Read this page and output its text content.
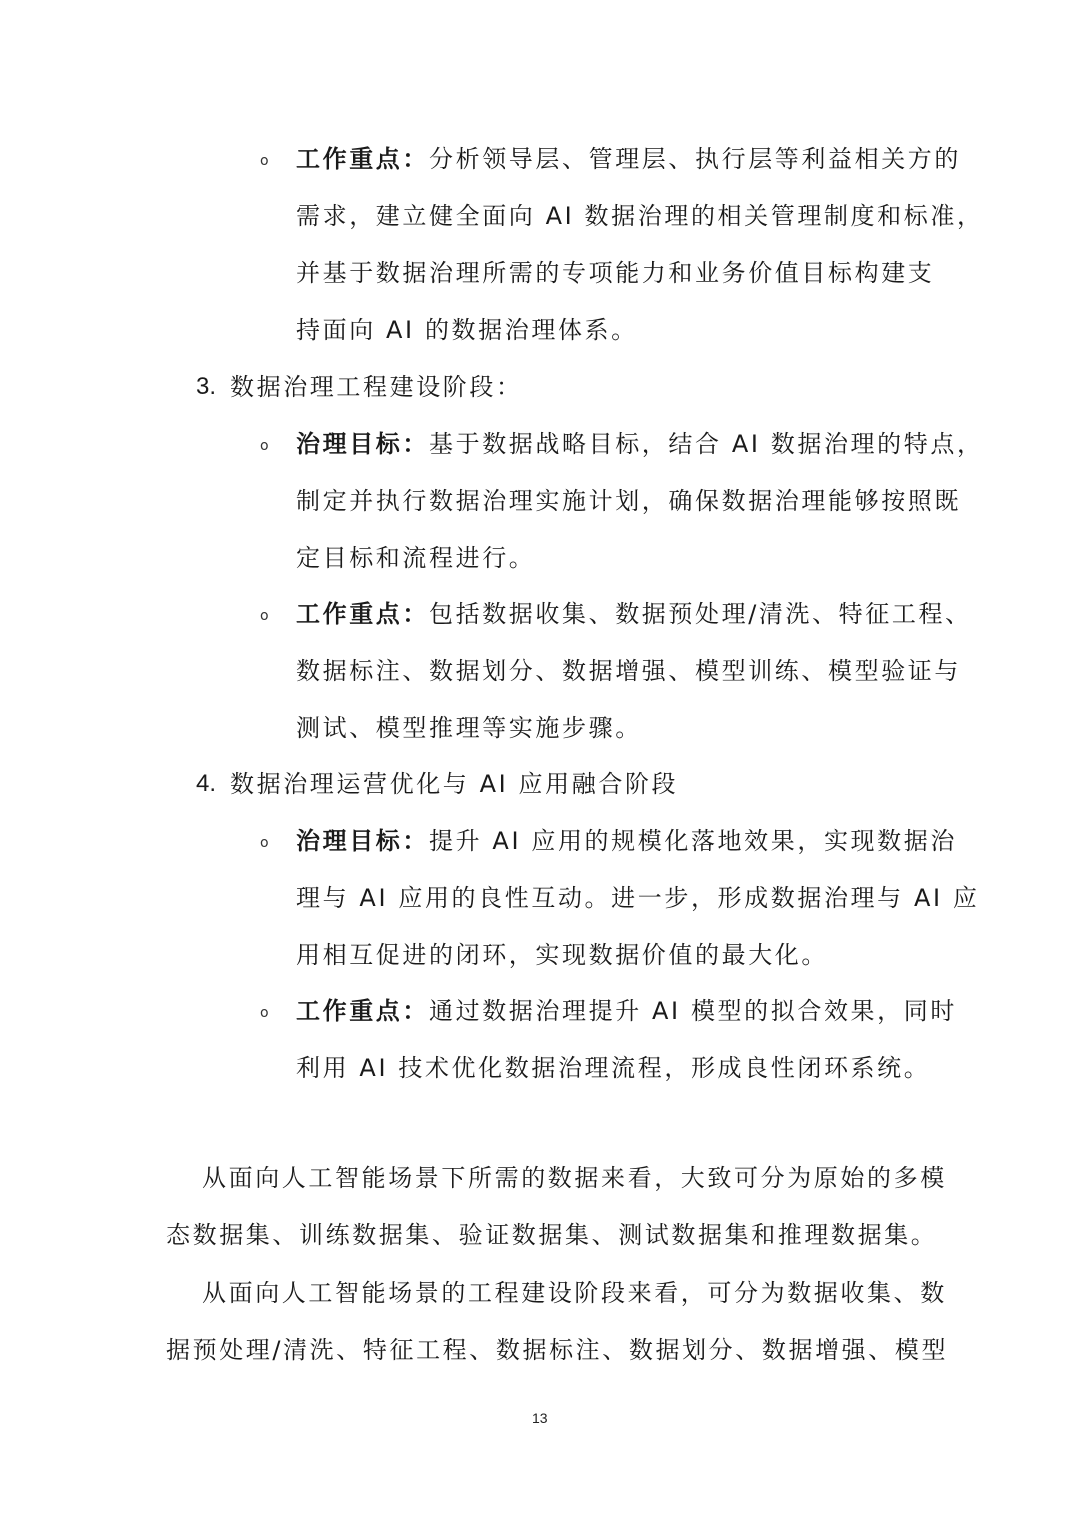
o 工作重点：分析领导层、管理层、执行层等利益相关方的
需求，建立健全面向 AI 数据治理的相关管理制度和标准，
并基于数据治理所需的专项能力和业务价值目标构建支
持面向 AI 的数据治理体系。
3. 数据治理工程建设阶段：
o 治理目标：基于数据战略目标，结合 AI 数据治理的特点，
制定并执行数据治理实施计划，确保数据治理能够按照既
定目标和流程进行。
o 工作重点：包括数据收集、数据预处理/清洗、特征工程、
数据标注、数据划分、数据增强、模型训练、模型验证与
测试、模型推理等实施步骤。
4. 数据治理运营优化与 AI 应用融合阶段
o 治理目标：提升 AI 应用的规模化落地效果，实现数据治
理与 AI 应用的良性互动。进一步，形成数据治理与 AI 应
用相互促进的闭环，实现数据价值的最大化。
o 工作重点：通过数据治理提升 AI 模型的拟合效果，同时
利用 AI 技术优化数据治理流程，形成良性闭环系统。
从面向人工智能场景下所需的数据来看，大致可分为原始的多模
态数据集、训练数据集、验证数据集、测试数据集和推理数据集。
从面向人工智能场景的工程建设阶段来看，可分为数据收集、数
据预处理/清洗、特征工程、数据标注、数据划分、数据增强、模型
13
